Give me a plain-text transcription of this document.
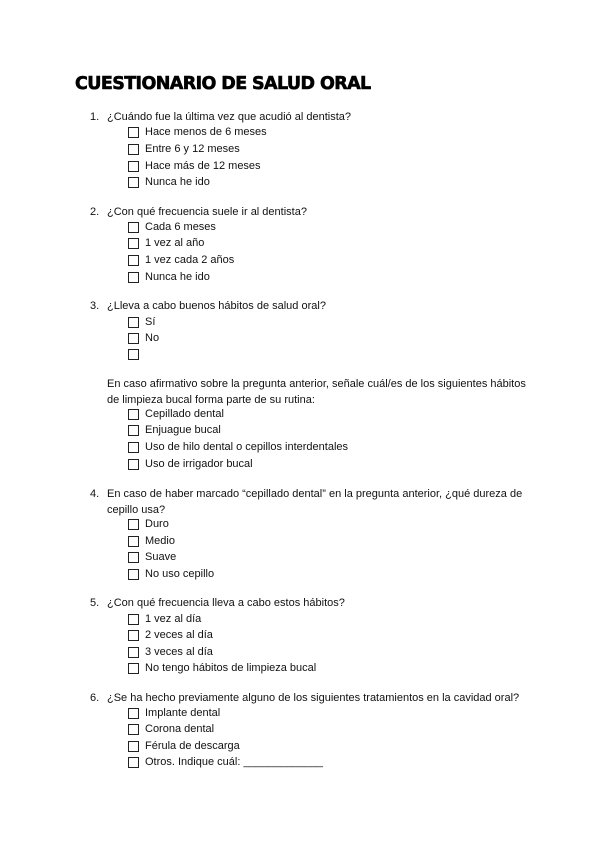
CUESTIONARIO DE SALUD ORAL
1. ¿Cuándo fue la última vez que acudió al dentista?
Hace menos de 6 meses
Entre 6 y 12 meses
Hace más de 12 meses
Nunca he ido
2. ¿Con qué frecuencia suele ir al dentista?
Cada 6 meses
1 vez al año
1 vez cada 2 años
Nunca he ido
3. ¿Lleva a cabo buenos hábitos de salud oral?
Sí
No
En caso afirmativo sobre la pregunta anterior, señale cuál/es de los siguientes hábitos de limpieza bucal forma parte de su rutina:
Cepillado dental
Enjuague bucal
Uso de hilo dental o cepillos interdentales
Uso de irrigador bucal
4. En caso de haber marcado “cepillado dental” en la pregunta anterior, ¿qué dureza de cepillo usa?
Duro
Medio
Suave
No uso cepillo
5. ¿Con qué frecuencia lleva a cabo estos hábitos?
1 vez al día
2 veces al día
3 veces al día
No tengo hábitos de limpieza bucal
6. ¿Se ha hecho previamente alguno de los siguientes tratamientos en la cavidad oral?
Implante dental
Corona dental
Férula de descarga
Otros. Indique cuál: _____________
